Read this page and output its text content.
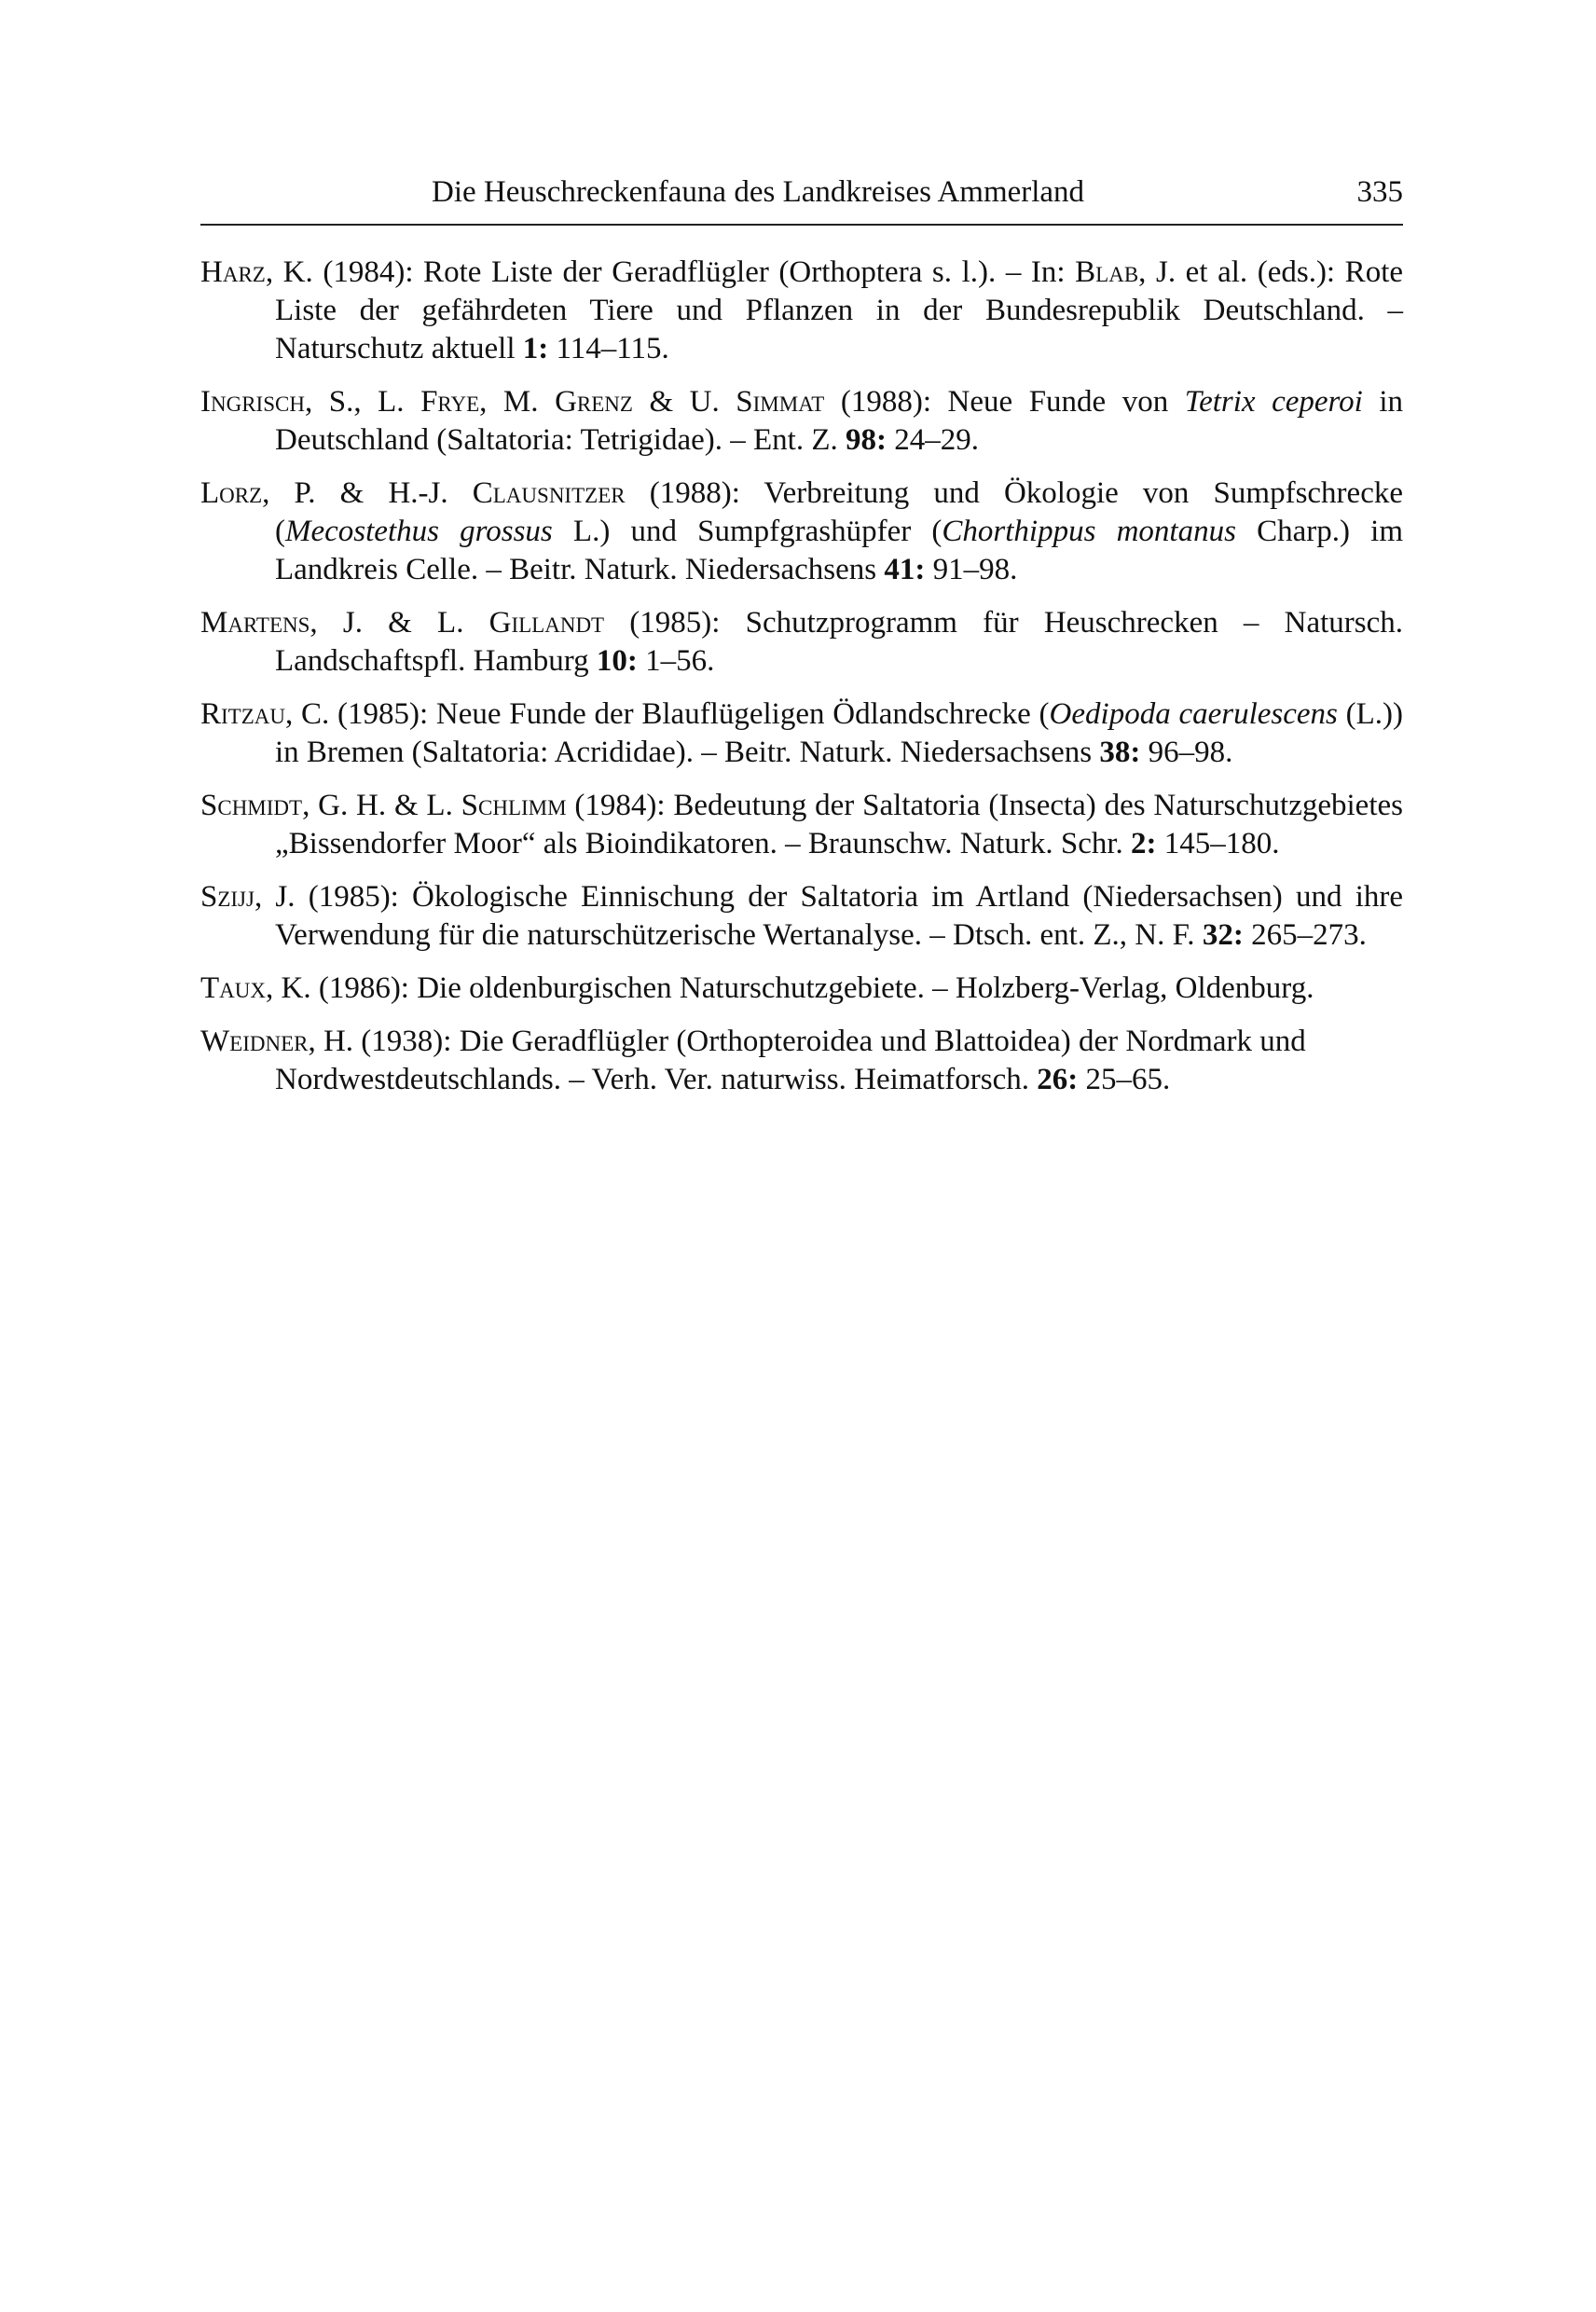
Die Heuschreckenfauna des Landkreises Ammerland	335

Harz, K. (1984): Rote Liste der Geradflügler (Orthoptera s. l.). – In: Blab, J. et al. (eds.): Rote Liste der gefährdeten Tiere und Pflanzen in der Bundesrepublik Deutschland. – Naturschutz aktuell 1: 114–115.

Ingrisch, S., L. Frye, M. Grenz & U. Simmat (1988): Neue Funde von Tetrix ceperoi in Deutschland (Saltatoria: Tetrigidae). – Ent. Z. 98: 24–29.

Lorz, P. & H.-J. Clausnitzer (1988): Verbreitung und Ökologie von Sumpfschrecke (Mecostethus grossus L.) und Sumpfgrashüpfer (Chorthippus montanus Charp.) im Landkreis Celle. – Beitr. Naturk. Niedersachsens 41: 91–98.

Martens, J. & L. Gillandt (1985): Schutzprogramm für Heuschrecken – Natursch. Landschaftspfl. Hamburg 10: 1–56.

Ritzau, C. (1985): Neue Funde der Blauflügeligen Ödlandschrecke (Oedipoda caerulescens (L.)) in Bremen (Saltatoria: Acrididae). – Beitr. Naturk. Niedersachsens 38: 96–98.

Schmidt, G. H. & L. Schlimm (1984): Bedeutung der Saltatoria (Insecta) des Naturschutzgebietes „Bissendorfer Moor“ als Bioindikatoren. – Braunschw. Naturk. Schr. 2: 145–180.

Szijj, J. (1985): Ökologische Einnischung der Saltatoria im Artland (Niedersachsen) und ihre Verwendung für die naturschützerische Wertanalyse. – Dtsch. ent. Z., N. F. 32: 265–273.

Taux, K. (1986): Die oldenburgischen Naturschutzgebiete. – Holzberg-Verlag, Oldenburg.

Weidner, H. (1938): Die Geradflügler (Orthopteroidea und Blattoidea) der Nordmark und Nordwestdeutschlands. – Verh. Ver. naturwiss. Heimatforsch. 26: 25–65.
